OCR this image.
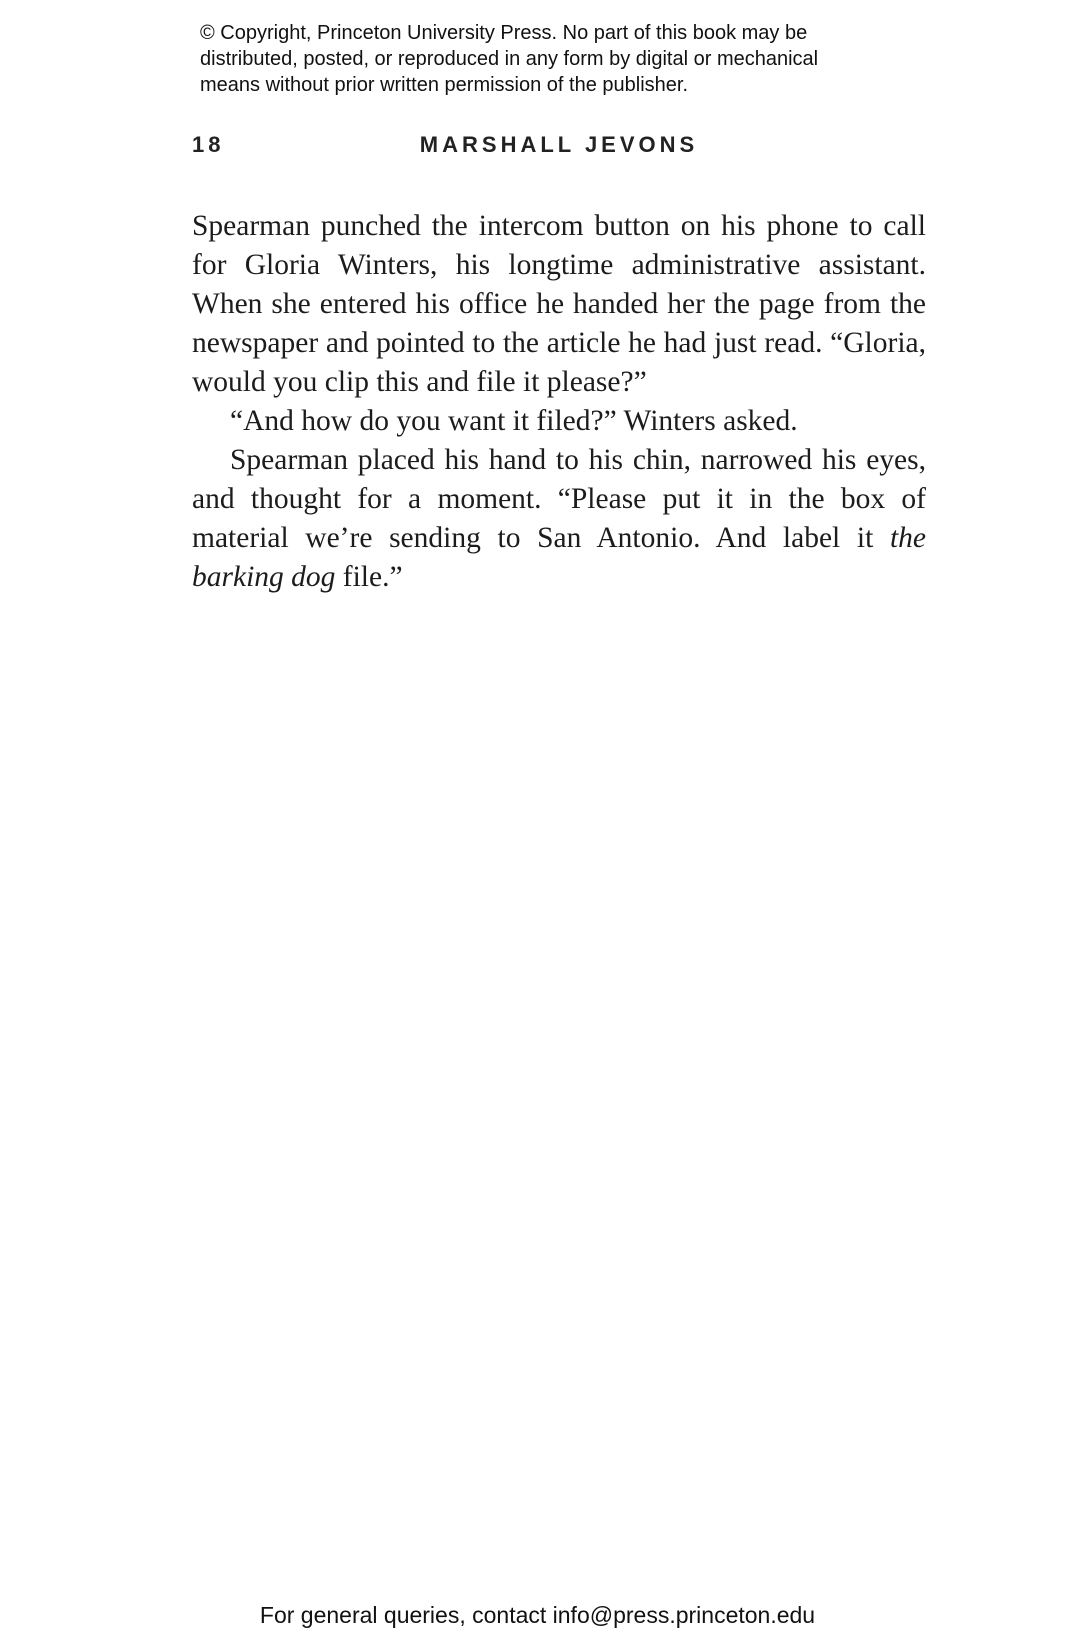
© Copyright, Princeton University Press. No part of this book may be
distributed, posted, or reproduced in any form by digital or mechanical
means without prior written permission of the publisher.
18	MARSHALL JEVONS

Spearman punched the intercom button on his phone to call for Gloria Winters, his longtime administrative assistant. When she entered his office he handed her the page from the newspaper and pointed to the article he had just read. “Gloria, would you clip this and file it please?”

“And how do you want it filed?” Winters asked.

Spearman placed his hand to his chin, narrowed his eyes, and thought for a moment. “Please put it in the box of material we’re sending to San Antonio. And label it the barking dog file.”

For general queries, contact info@press.princeton.edu
